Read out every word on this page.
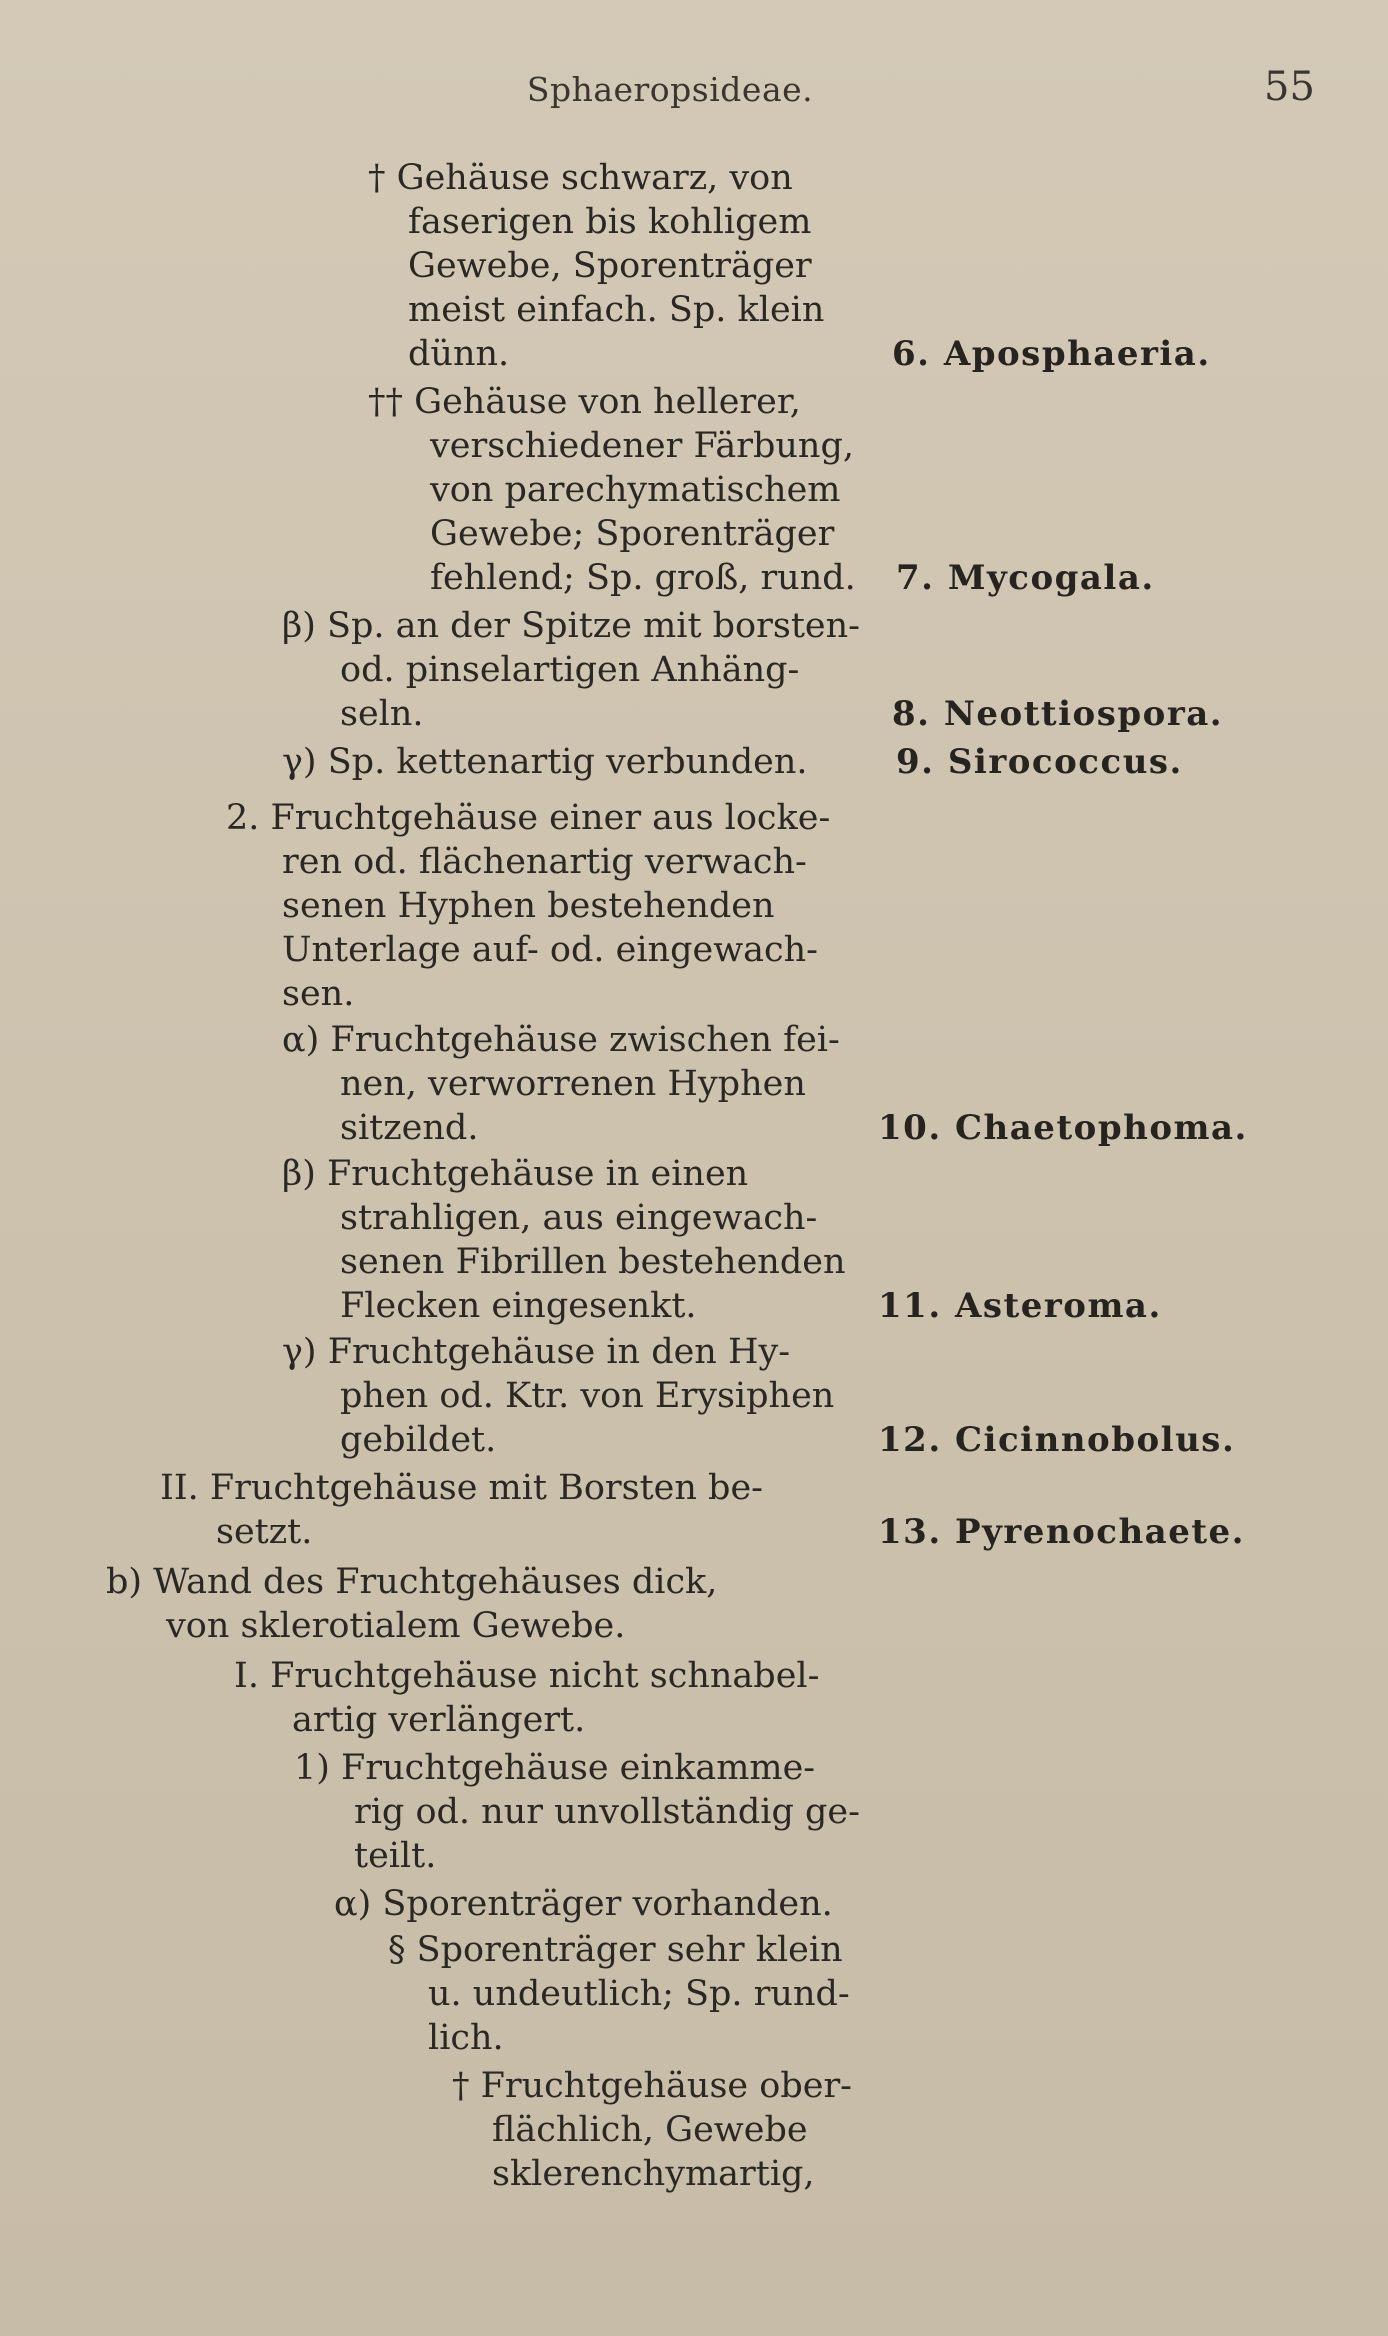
Sphaeropsideae.	55
† Gehäuse schwarz, von
faserigen bis kohligem
Gewebe, Sporenträger
meist einfach. Sp. klein
dünn.
†† Gehäuse von hellerer,
verschiedener Färbung,
von parechymatischem
Gewebe; Sporenträger
fehlend; Sp. groß, rund.
β) Sp. an der Spitze mit borsten-
od. pinselartigen Anhäng-
seln.
γ) Sp. kettenartig verbunden.
2. Fruchtgehäuse einer aus locke-
ren od. flächenartig verwach-
senen Hyphen bestehenden
Unterlage auf- od. eingewach-
sen.
α) Fruchtgehäuse zwischen fei-
nen, verworrenen Hyphen
sitzend.
β) Fruchtgehäuse in einen
strahligen, aus eingewach-
senen Fibrillen bestehenden
Flecken eingesenkt.
γ) Fruchtgehäuse in den Hy-
phen od. Ktr. von Erysiphen
gebildet.
II. Fruchtgehäuse mit Borsten be-
setzt.
b) Wand des Fruchtgehäuses dick,
von sklerotialem Gewebe.
I. Fruchtgehäuse nicht schnabel-
artig verlängert.
1) Fruchtgehäuse einkamme-
rig od. nur unvollständig ge-
teilt.
α) Sporenträger vorhanden.
§ Sporenträger sehr klein
u. undeutlich; Sp. rund-
lich.
† Fruchtgehäuse ober-
flächlich, Gewebe
sklerenchymartig,
6. Aposphaeria.
7. Mycogala.
8. Neottiospora.
9. Sirococcus.
10. Chaetophoma.
11. Asteroma.
12. Cicinnobolus.
13. Pyrenochaete.
